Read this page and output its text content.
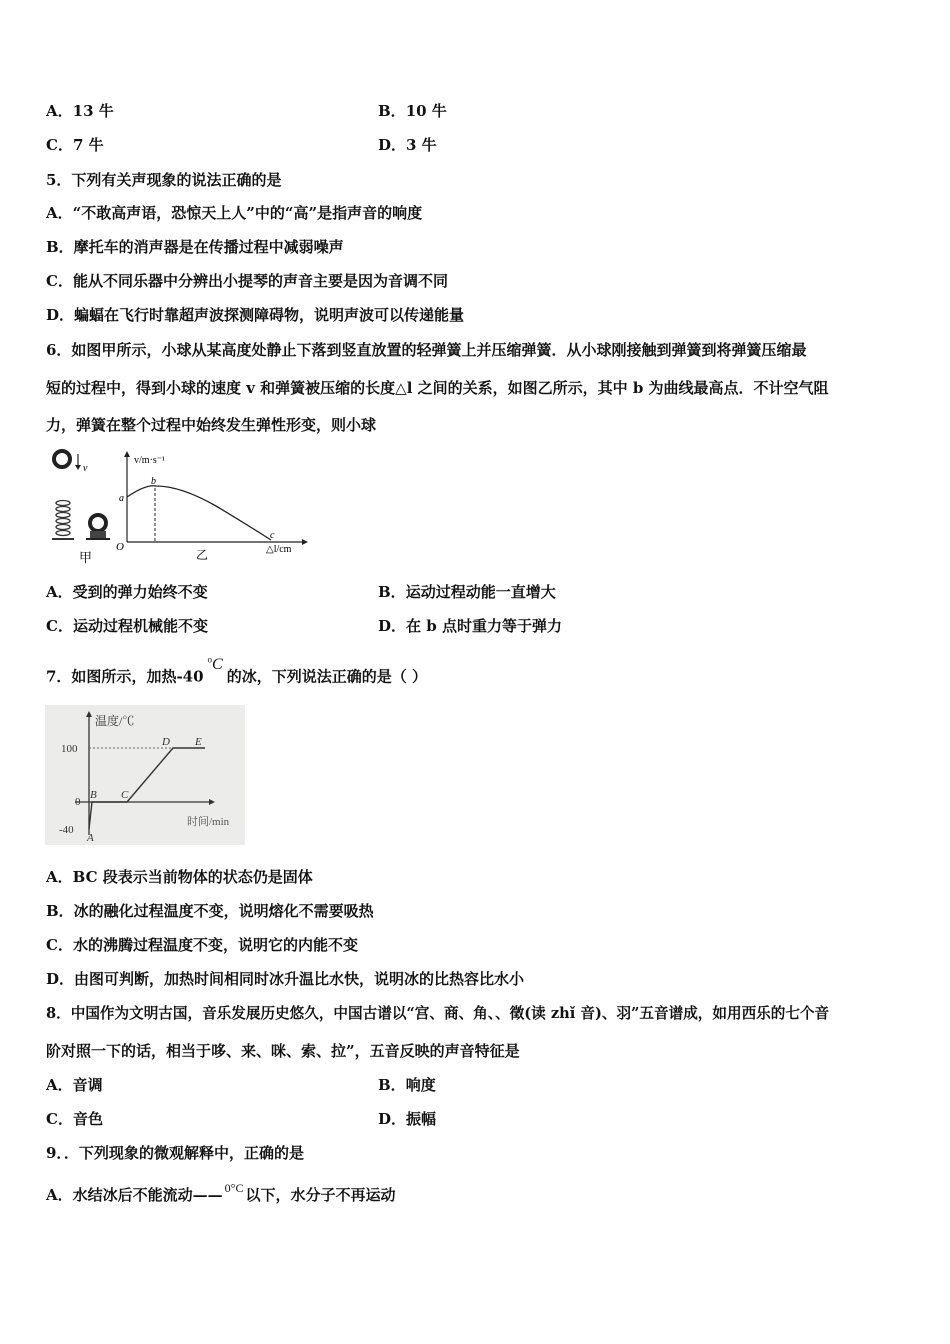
A．13 牛	B．10 牛
C．7 牛	D．3 牛
5．下列有关声现象的说法正确的是
A．“不敢高声语，恐惊天上人”中的“高”是指声音的响度
B．摩托车的消声器是在传播过程中减弱噪声
C．能从不同乐器中分辨出小提琴的声音主要是因为音调不同
D．蝙蝠在飞行时靠超声波探测障碍物，说明声波可以传递能量
6．如图甲所示，小球从某高度处静止下落到竖直放置的轻弹簧上并压缩弹簧．从小球刚接触到弹簧到将弹簧压缩最
短的过程中，得到小球的速度 v 和弹簧被压缩的长度△l 之间的关系，如图乙所示，其中 b 为曲线最高点．不计空气阻
力，弹簧在整个过程中始终发生弹性形变，则小球
v
甲
v/m·s⁻¹
O	△l/cm
乙
a
b
c
A．受到的弹力始终不变	B．运动过程动能一直增大
C．运动过程机械能不变	D．在 b 点时重力等于弹力
7．如图所示，加热-40$^o$C的冰，下列说法正确的是（ ）
温度/℃
时间/min
100
0
-40
A
B C
D E
A．BC 段表示当前物体的状态仍是固体
B．冰的融化过程温度不变，说明熔化不需要吸热
C．水的沸腾过程温度不变，说明它的内能不变
D．由图可判断，加热时间相同时冰升温比水快，说明冰的比热容比水小
8．中国作为文明古国，音乐发展历史悠久，中国古谱以“宫、商、角、、徵(读 zhǐ 音)、羽”五音谱成，如用西乐的七个音
阶对照一下的话，相当于哆、来、咪、索、拉”，五音反映的声音特征是
A．音调	B．响度
C．音色	D．振幅
9．．下列现象的微观解释中，正确的是
A．水结冰后不能流动—— $^{0^\circ C}$ 以下，水分子不再运动
